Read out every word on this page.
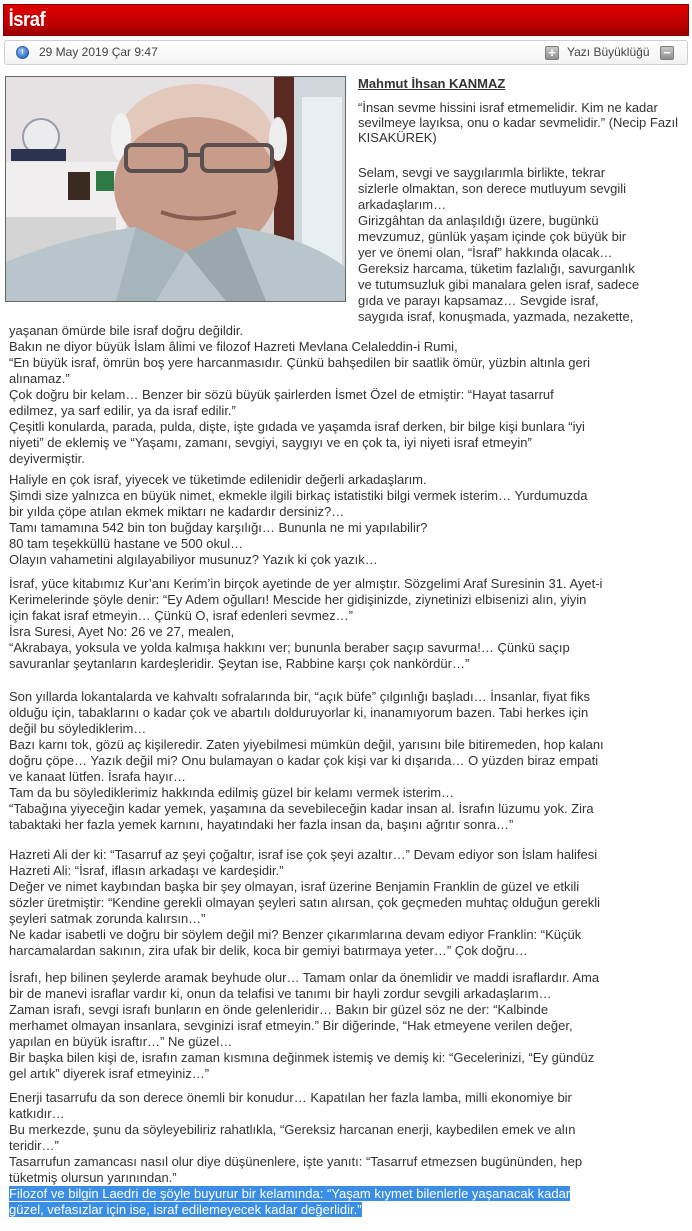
İsraf
29 May 2019 Çar 9:47	+ Yazı Büyüklüğü −
Mahmut İhsan KANMAZ

“İnsan sevme hissini israf etmemelidir. Kim ne kadar sevilmeye layıksa, onu o kadar sevmelidir.” (Necip Fazıl KISAKÜREK)

Selam, sevgi ve saygılarımla birlikte, tekrar
sizlerle olmaktan, son derece mutluyum sevgili
arkadaşlarım…
Girizgâhtan da anlaşıldığı üzere, bugünkü
mevzumuz, günlük yaşam içinde çok büyük bir
yer ve önemi olan, “İsraf” hakkında olacak…
Gereksiz harcama, tüketim fazlalığı, savurganlık
ve tutumsuzluk gibi manalara gelen israf, sadece
gıda ve parayı kapsamaz… Sevgide israf,
saygıda israf, konuşmada, yazmada, nezakette,
yaşanan ömürde bile israf doğru değildir.
Bakın ne diyor büyük İslam âlimi ve filozof Hazreti Mevlana Celaleddin-i Rumi,
“En büyük israf, ömrün boş yere harcanmasıdır. Çünkü bahşedilen bir saatlik ömür, yüzbin altınla geri
alınamaz.”
Çok doğru bir kelam… Benzer bir sözü büyük şairlerden İsmet Özel de etmiştir: “Hayat tasarruf
edilmez, ya sarf edilir, ya da israf edilir.”
Çeşitli konularda, parada, pulda, dişte, işte gıdada ve yaşamda israf derken, bir bilge kişi bunlara “iyi
niyeti” de eklemiş ve “Yaşamı, zamanı, sevgiyi, saygıyı ve en çok ta, iyi niyeti israf etmeyin”
deyivermiştir.
Haliyle en çok israf, yiyecek ve tüketimde edilenidir değerli arkadaşlarım.
Şimdi size yalnızca en büyük nimet, ekmekle ilgili birkaç istatistiki bilgi vermek isterim… Yurdumuzda
bir yılda çöpe atılan ekmek miktarı ne kadardır dersiniz?…
Tamı tamamına 542 bin ton buğday karşılığı… Bununla ne mi yapılabilir?
80 tam teşekküllü hastane ve 500 okul…
Olayın vahametini algılayabiliyor musunuz? Yazık ki çok yazık…
İsraf, yüce kitabımız Kur’anı Kerim’in birçok ayetinde de yer almıştır. Sözgelimi Araf Suresinin 31. Ayet-i
Kerimelerinde şöyle denir: “Ey Adem oğulları! Mescide her gidişinizde, ziynetinizi elbisenizi alın, yiyin
için fakat israf etmeyin… Çünkü O, israf edenleri sevmez…”
İsra Suresi, Ayet No: 26 ve 27, mealen,
“Akrabaya, yoksula ve yolda kalmışa hakkını ver; bununla beraber saçıp savurma!… Çünkü saçıp
savuranlar şeytanların kardeşleridir. Şeytan ise, Rabbine karşı çok nankördür…”
Son yıllarda lokantalarda ve kahvaltı sofralarında bir, “açık büfe” çılgınlığı başladı… İnsanlar, fiyat fiks
olduğu için, tabaklarını o kadar çok ve abartılı dolduruyorlar ki, inanamıyorum bazen. Tabi herkes için
değil bu söylediklerim…
Bazı karnı tok, gözü aç kişileredir. Zaten yiyebilmesi mümkün değil, yarısını bile bitiremeden, hop kalanı
doğru çöpe… Yazık değil mi? Onu bulamayan o kadar çok kişi var ki dışarıda… O yüzden biraz empati
ve kanaat lütfen. İsrafa hayır…
Tam da bu söylediklerimiz hakkında edilmiş güzel bir kelamı vermek isterim…
“Tabağına yiyeceğin kadar yemek, yaşamına da sevebileceğin kadar insan al. İsrafın lüzumu yok. Zira
tabaktaki her fazla yemek karnını, hayatındaki her fazla insan da, başını ağrıtır sonra…”
Hazreti Ali der ki: “Tasarruf az şeyi çoğaltır, israf ise çok şeyi azaltır…” Devam ediyor son İslam halifesi
Hazreti Ali: “İsraf, iflasın arkadaşı ve kardeşidir.”
Değer ve nimet kaybından başka bir şey olmayan, israf üzerine Benjamin Franklin de güzel ve etkili
sözler üretmiştir: “Kendine gerekli olmayan şeyleri satın alırsan, çok geçmeden muhtaç olduğun gerekli
şeyleri satmak zorunda kalırsın…”
Ne kadar isabetli ve doğru bir söylem değil mi? Benzer çıkarımlarına devam ediyor Franklin: “Küçük
harcamalardan sakının, zira ufak bir delik, koca bir gemiyi batırmaya yeter…” Çok doğru…
İsrafı, hep bilinen şeylerde aramak beyhude olur… Tamam onlar da önemlidir ve maddi israflardır. Ama
bir de manevi israflar vardır ki, onun da telafisi ve tanımı bir hayli zordur sevgili arkadaşlarım…
Zaman israfı, sevgi israfı bunların en önde gelenleridir… Bakın bir güzel söz ne der: “Kalbinde
merhamet olmayan insanlara, sevginizi israf etmeyin.” Bir diğerinde, “Hak etmeyene verilen değer,
yapılan en büyük israftır…” Ne güzel…
Bir başka bilen kişi de, israfın zaman kısmına değinmek istemiş ve demiş ki: “Gecelerinizi, “Ey gündüz
gel artık” diyerek israf etmeyiniz…”
Enerji tasarrufu da son derece önemli bir konudur… Kapatılan her fazla lamba, milli ekonomiye bir
katkıdır…
Bu merkezde, şunu da söyleyebiliriz rahatlıkla, “Gereksiz harcanan enerji, kaybedilen emek ve alın
teridir…”
Tasarrufun zamancası nasıl olur diye düşünenlere, işte yanıtı: “Tasarruf etmezsen bugününden, hep
tüketmiş olursun yarınından.”
Filozof ve bilgin Laedri de şöyle buyurur bir kelamında: “Yaşam kıymet bilenlerle yaşanacak kadar
güzel, vefasızlar için ise, israf edilemeyecek kadar değerlidir.”
